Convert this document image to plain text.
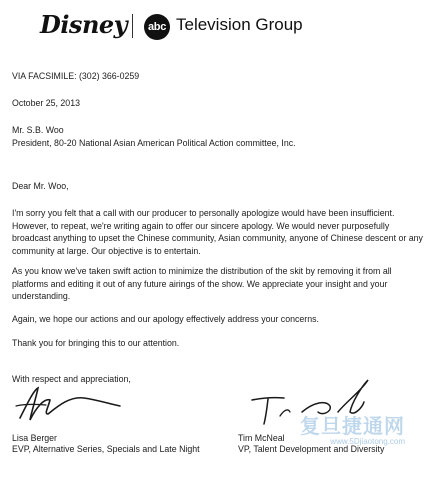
Disney	abc Television Group
VIA FACSIMILE: (302) 366-0259
October 25, 2013
Mr. S.B. Woo
President, 80-20 National Asian American Political Action committee, Inc.
Dear Mr. Woo,
I'm sorry you felt that a call with our producer to personally apologize would have been insufficient.
However, to repeat, we're writing again to offer our sincere apology. We would never purposefully
broadcast anything to upset the Chinese community, Asian community, anyone of Chinese descent or any
community at large. Our objective is to entertain.
As you know we've taken swift action to minimize the distribution of the skit by removing it from all
platforms and editing it out of any future airings of the show. We appreciate your insight and your
understanding.
Again, we hope our actions and our apology effectively address your concerns.
Thank you for bringing this to our attention.
With respect and appreciation,
Lisa Berger
EVP, Alternative Series, Specials and Late Night
Tim McNeal
VP, Talent Development and Diversity
复旦捷通网
www.5Djiaotong.com
